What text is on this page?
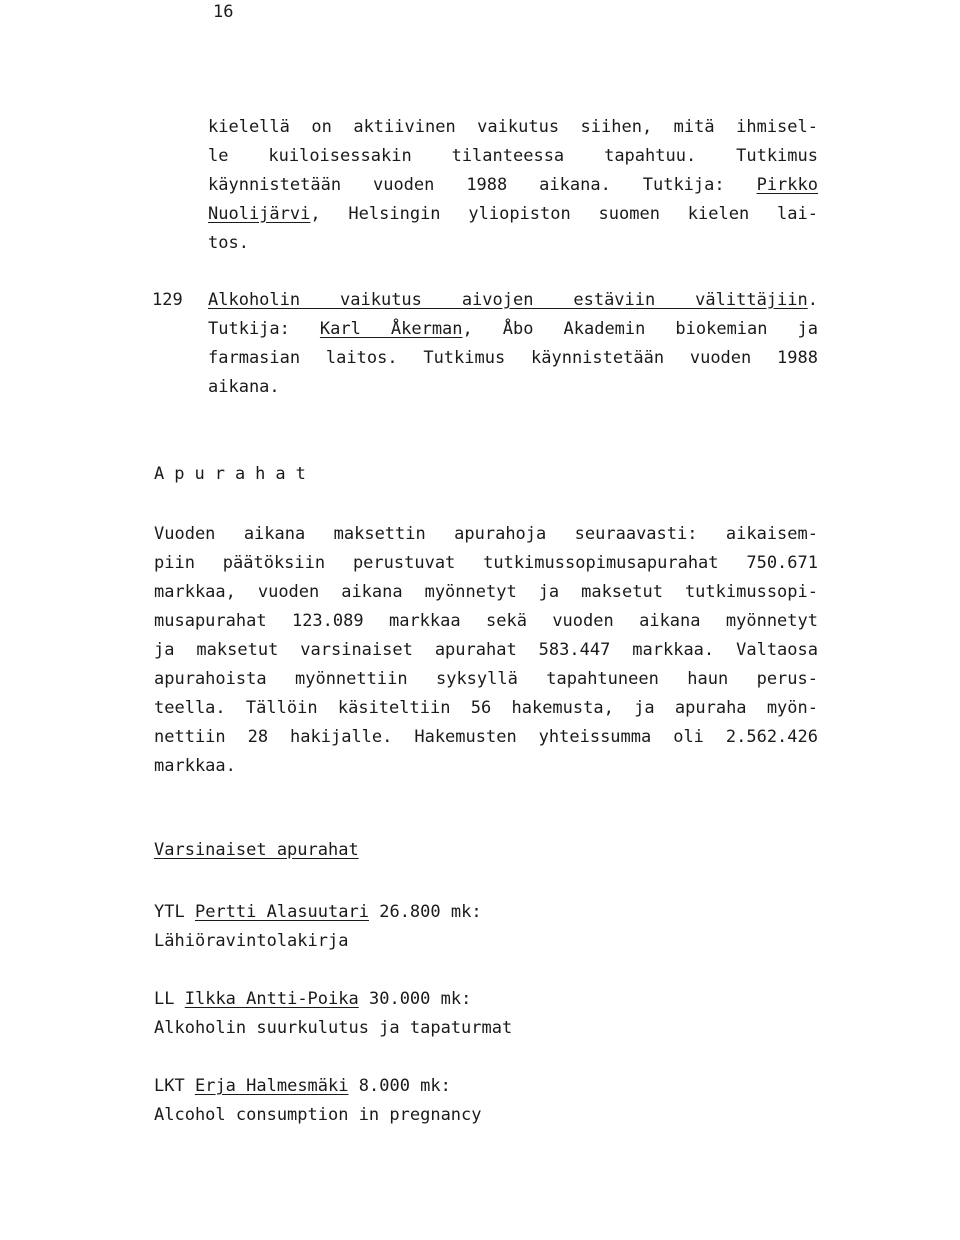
16
kielellä on aktiivinen vaikutus siihen, mitä ihmisel-
le kuiloisessakin tilanteessa tapahtuu. Tutkimus
käynnistetään vuoden 1988 aikana. Tutkija: Pirkko
Nuolijärvi, Helsingin yliopiston suomen kielen lai-
tos.
129 Alkoholin vaikutus aivojen estäviin välittäjiin.
Tutkija: Karl Åkerman, Åbo Akademin biokemian ja
farmasian laitos. Tutkimus käynnistetään vuoden 1988
aikana.
Apurahat
Vuoden aikana maksettin apurahoja seuraavasti: aikaisem-
piin päätöksiin perustuvat tutkimussopimusapurahat 750.671
markkaa, vuoden aikana myönnetyt ja maksetut tutkimussopi-
musapurahat 123.089 markkaa sekä vuoden aikana myönnetyt
ja maksetut varsinaiset apurahat 583.447 markkaa. Valtaosa
apurahoista myönnettiin syksyllä tapahtuneen haun perus-
teella. Tällöin käsiteltiin 56 hakemusta, ja apuraha myön-
nettiin 28 hakijalle. Hakemusten yhteissumma oli 2.562.426
markkaa.
Varsinaiset apurahat
YTL Pertti Alasuutari 26.800 mk:
Lähiöravintolakirja
LL Ilkka Antti-Poika 30.000 mk:
Alkoholin suurkulutus ja tapaturmat
LKT Erja Halmesmäki 8.000 mk:
Alcohol consumption in pregnancy
